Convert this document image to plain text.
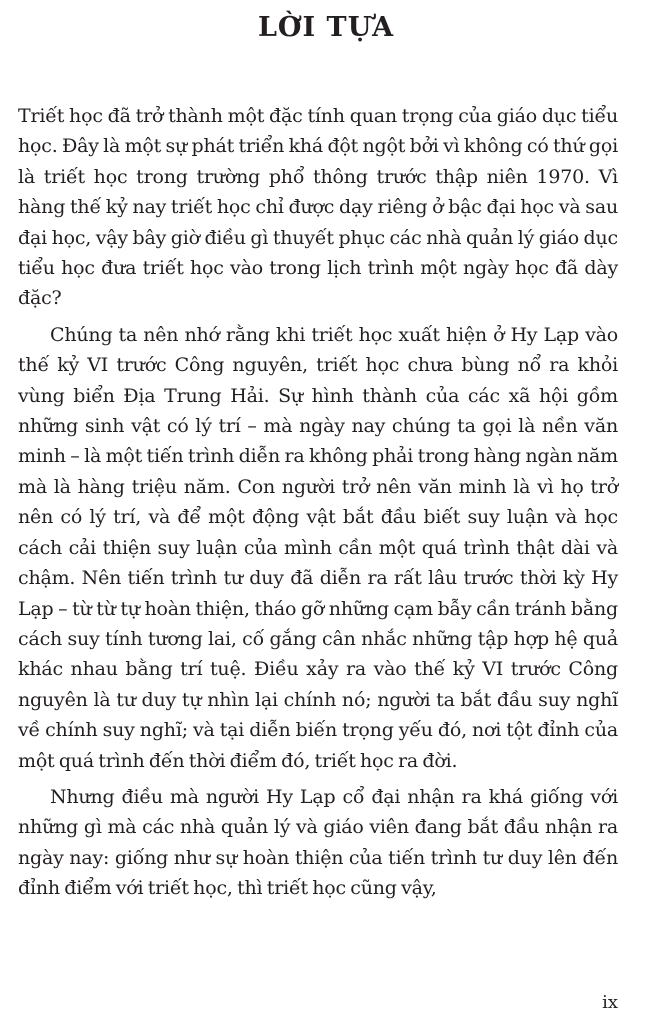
LỜI TỰA

Triết học đã trở thành một đặc tính quan trọng của giáo dục tiểu học. Đây là một sự phát triển khá đột ngột bởi vì không có thứ gọi là triết học trong trường phổ thông trước thập niên 1970. Vì hàng thế kỷ nay triết học chỉ được dạy riêng ở bậc đại học và sau đại học, vậy bây giờ điều gì thuyết phục các nhà quản lý giáo dục tiểu học đưa triết học vào trong lịch trình một ngày học đã dày đặc?

Chúng ta nên nhớ rằng khi triết học xuất hiện ở Hy Lạp vào thế kỷ VI trước Công nguyên, triết học chưa bùng nổ ra khỏi vùng biển Địa Trung Hải. Sự hình thành của các xã hội gồm những sinh vật có lý trí – mà ngày nay chúng ta gọi là nền văn minh – là một tiến trình diễn ra không phải trong hàng ngàn năm mà là hàng triệu năm. Con người trở nên văn minh là vì họ trở nên có lý trí, và để một động vật bắt đầu biết suy luận và học cách cải thiện suy luận của mình cần một quá trình thật dài và chậm. Nên tiến trình tư duy đã diễn ra rất lâu trước thời kỳ Hy Lạp – từ từ tự hoàn thiện, tháo gỡ những cạm bẫy cần tránh bằng cách suy tính tương lai, cố gắng cân nhắc những tập hợp hệ quả khác nhau bằng trí tuệ. Điều xảy ra vào thế kỷ VI trước Công nguyên là tư duy tự nhìn lại chính nó; người ta bắt đầu suy nghĩ về chính suy nghĩ; và tại diễn biến trọng yếu đó, nơi tột đỉnh của một quá trình đến thời điểm đó, triết học ra đời.

Nhưng điều mà người Hy Lạp cổ đại nhận ra khá giống với những gì mà các nhà quản lý và giáo viên đang bắt đầu nhận ra ngày nay: giống như sự hoàn thiện của tiến trình tư duy lên đến đỉnh điểm với triết học, thì triết học cũng vậy,

ix
